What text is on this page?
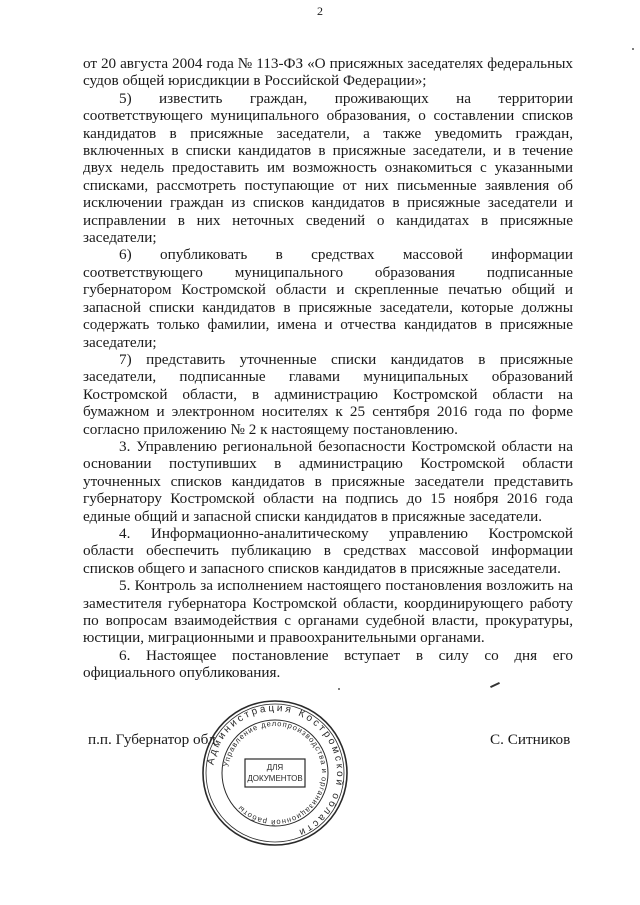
2

от 20 августа 2004 года № 113-ФЗ «О присяжных заседателях федеральных судов общей юрисдикции в Российской Федерации»;

5) известить граждан, проживающих на территории соответствующего муниципального образования, о составлении списков кандидатов в присяжные заседатели, а также уведомить граждан, включенных в списки кандидатов в присяжные заседатели, и в течение двух недель предоставить им возможность ознакомиться с указанными списками, рассмотреть поступающие от них письменные заявления об исключении граждан из списков кандидатов в присяжные заседатели и исправлении в них неточных сведений о кандидатах в присяжные заседатели;

6) опубликовать в средствах массовой информации соответствующего муниципального образования подписанные губернатором Костромской области и скрепленные печатью общий и запасной списки кандидатов в присяжные заседатели, которые должны содержать только фамилии, имена и отчества кандидатов в присяжные заседатели;

7) представить уточненные списки кандидатов в присяжные заседатели, подписанные главами муниципальных образований Костромской области, в администрацию Костромской области на бумажном и электронном носителях к 25 сентября 2016 года по форме согласно приложению № 2 к настоящему постановлению.

3. Управлению региональной безопасности Костромской области на основании поступивших в администрацию Костромской области уточненных списков кандидатов в присяжные заседатели представить губернатору Костромской области на подпись до 15 ноября 2016 года единые общий и запасной списки кандидатов в присяжные заседатели.

4. Информационно-аналитическому управлению Костромской области обеспечить публикацию в средствах массовой информации списков общего и запасного списков кандидатов в присяжные заседатели.

5. Контроль за исполнением настоящего постановления возложить на заместителя губернатора Костромской области, координирующего работу по вопросам взаимодействия с органами судебной власти, прокуратуры, юстиции, миграционными и правоохранительными органами.

6. Настоящее постановление вступает в силу со дня его официального опубликования.

п.п. Губернатор обл	С. Ситников
Администрация Костромской области
Управление делопроизводства и организационной работы
ДЛЯ
ДОКУМЕНТОВ
